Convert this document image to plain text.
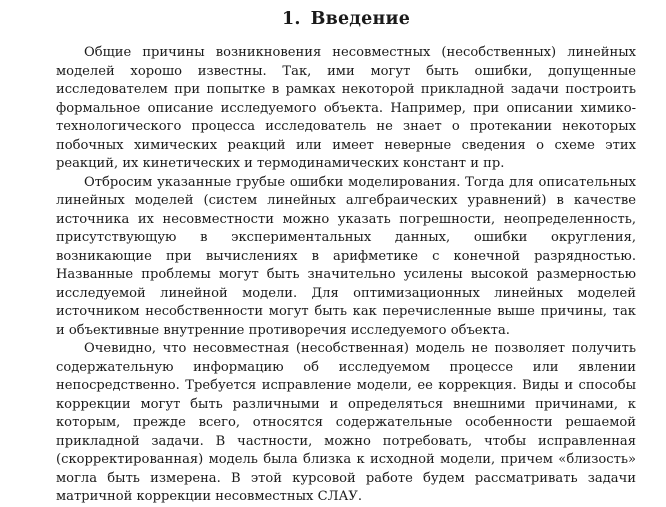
1. Введение

Общие причины возникновения несовместных (несобственных) линейных моделей хорошо известны. Так, ими могут быть ошибки, допущенные исследователем при попытке в рамках некоторой прикладной задачи построить формальное описание исследуемого объекта. Например, при описании химико-технологического процесса исследователь не знает о протекании некоторых побочных химических реакций или имеет неверные сведения о схеме этих реакций, их кинетических и термодинамических констант и пр.

Отбросим указанные грубые ошибки моделирования. Тогда для описательных линейных моделей (систем линейных алгебраических уравнений) в качестве источника их несовместности можно указать погрешности, неопределенность, присутствующую в экспериментальных данных, ошибки округления, возникающие при вычислениях в арифметике с конечной разрядностью. Названные проблемы могут быть значительно усилены высокой размерностью исследуемой линейной модели. Для оптимизационных линейных моделей источником несобственности могут быть как перечисленные выше причины, так и объективные внутренние противоречия исследуемого объекта.

Очевидно, что несовместная (несобственная) модель не позволяет получить содержательную информацию об исследуемом процессе или явлении непосредственно. Требуется исправление модели, ее коррекция. Виды и способы коррекции могут быть различными и определяться внешними причинами, к которым, прежде всего, относятся содержательные особенности решаемой прикладной задачи. В частности, можно потребовать, чтобы исправленная (скорректированная) модель была близка к исходной модели, причем «близость» могла быть измерена. В этой курсовой работе будем рассматривать задачи матричной коррекции несовместных СЛАУ.
